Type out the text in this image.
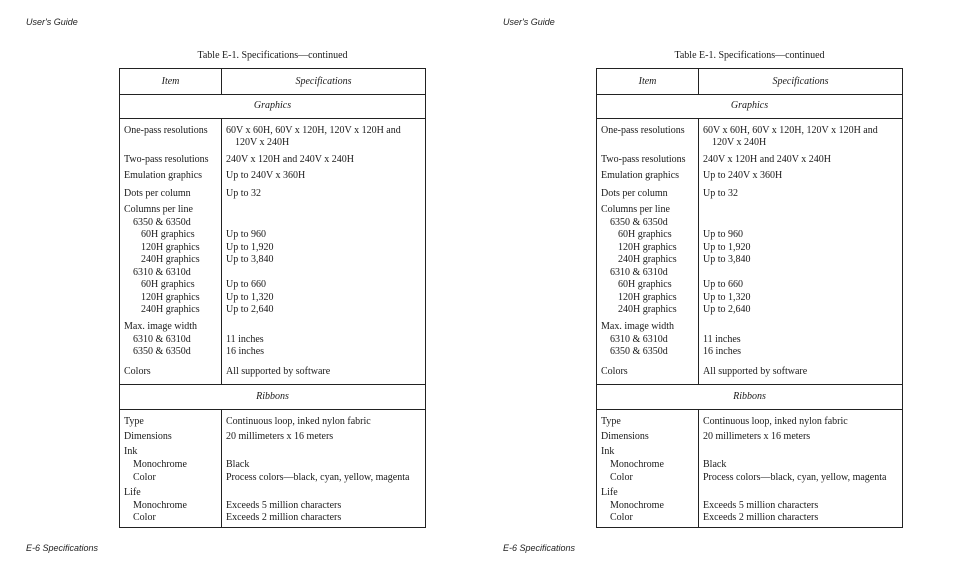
User's Guide
Table E-1. Specifications—continued
Item	Specifications
Graphics
One-pass resolutions	60V x 60H, 60V x 120H, 120V x 120H and
120V x 240H
Two-pass resolutions	240V x 120H and 240V x 240H
Emulation graphics	Up to 240V x 360H
Dots per column	Up to 32
Columns per line
6350 & 6350d
60H graphics	Up to 960
120H graphics	Up to 1,920
240H graphics	Up to 3,840
6310 & 6310d
60H graphics	Up to 660
120H graphics	Up to 1,320
240H graphics	Up to 2,640
Max. image width
6310 & 6310d	11 inches
6350 & 6350d	16 inches
Colors	All supported by software
Ribbons
Type	Continuous loop, inked nylon fabric
Dimensions	20 millimeters x 16 meters
Ink
Monochrome	Black
Color	Process colors—black, cyan, yellow, magenta
Life
Monochrome	Exceeds 5 million characters
Color	Exceeds 2 million characters
E-6 Specifications
User's Guide
Table E-1. Specifications—continued
Item	Specifications
Graphics
One-pass resolutions	60V x 60H, 60V x 120H, 120V x 120H and
120V x 240H
Two-pass resolutions	240V x 120H and 240V x 240H
Emulation graphics	Up to 240V x 360H
Dots per column	Up to 32
Columns per line
6350 & 6350d
60H graphics	Up to 960
120H graphics	Up to 1,920
240H graphics	Up to 3,840
6310 & 6310d
60H graphics	Up to 660
120H graphics	Up to 1,320
240H graphics	Up to 2,640
Max. image width
6310 & 6310d	11 inches
6350 & 6350d	16 inches
Colors	All supported by software
Ribbons
Type	Continuous loop, inked nylon fabric
Dimensions	20 millimeters x 16 meters
Ink
Monochrome	Black
Color	Process colors—black, cyan, yellow, magenta
Life
Monochrome	Exceeds 5 million characters
Color	Exceeds 2 million characters
E-6 Specifications
